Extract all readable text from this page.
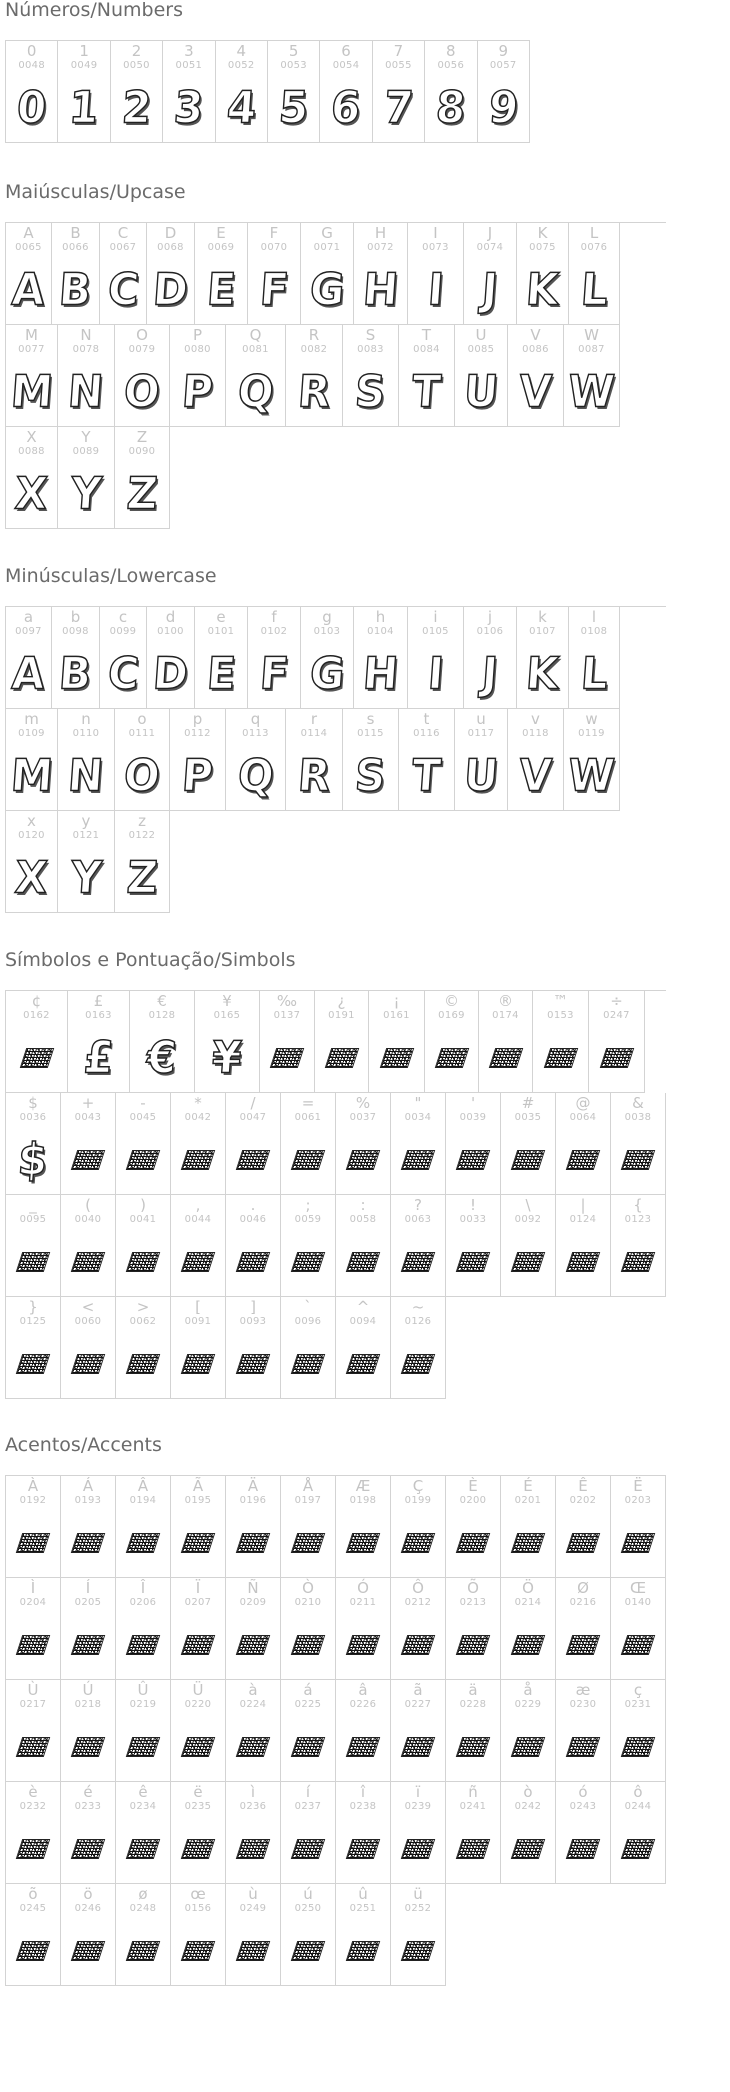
Números/Numbers
0
0048
0
1
0049
1
2
0050
2
3
0051
3
4
0052
4
5
0053
5
6
0054
6
7
0055
7
8
0056
8
9
0057
9
Maiúsculas/Upcase
A
0065
A
B
0066
B
C
0067
C
D
0068
D
E
0069
E
F
0070
F
G
0071
G
H
0072
H
I
0073
I
J
0074
J
K
0075
K
L
0076
L
M
0077
M
N
0078
N
O
0079
O
P
0080
P
Q
0081
Q
R
0082
R
S
0083
S
T
0084
T
U
0085
U
V
0086
V
W
0087
W
X
0088
X
Y
0089
Y
Z
0090
Z
Minúsculas/Lowercase
a
0097
A
b
0098
B
c
0099
C
d
0100
D
e
0101
E
f
0102
F
g
0103
G
h
0104
H
i
0105
I
j
0106
J
k
0107
K
l
0108
L
m
0109
M
n
0110
N
o
0111
O
p
0112
P
q
0113
Q
r
0114
R
s
0115
S
t
0116
T
u
0117
U
v
0118
V
w
0119
W
x
0120
X
y
0121
Y
z
0122
Z
Símbolos e Pontuação/Simbols
¢
0162
£
0163
£
€
0128
€
¥
0165
¥
‰
0137
¿
0191
¡
0161
©
0169
®
0174
™
0153
÷
0247
$
0036
$
+
0043
-
0045
*
0042
/
0047
=
0061
%
0037
"
0034
'
0039
#
0035
@
0064
&
0038
_
0095
(
0040
)
0041
,
0044
.
0046
;
0059
:
0058
?
0063
!
0033
\
0092
|
0124
{
0123
}
0125
<
0060
>
0062
[
0091
]
0093
`
0096
^
0094
~
0126
Acentos/Accents
À
0192
Á
0193
Â
0194
Ã
0195
Ä
0196
Å
0197
Æ
0198
Ç
0199
È
0200
É
0201
Ê
0202
Ë
0203
Ì
0204
Í
0205
Î
0206
Ï
0207
Ñ
0209
Ò
0210
Ó
0211
Ô
0212
Õ
0213
Ö
0214
Ø
0216
Œ
0140
Ù
0217
Ú
0218
Û
0219
Ü
0220
à
0224
á
0225
â
0226
ã
0227
ä
0228
å
0229
æ
0230
ç
0231
è
0232
é
0233
ê
0234
ë
0235
ì
0236
í
0237
î
0238
ï
0239
ñ
0241
ò
0242
ó
0243
ô
0244
õ
0245
ö
0246
ø
0248
œ
0156
ù
0249
ú
0250
û
0251
ü
0252
